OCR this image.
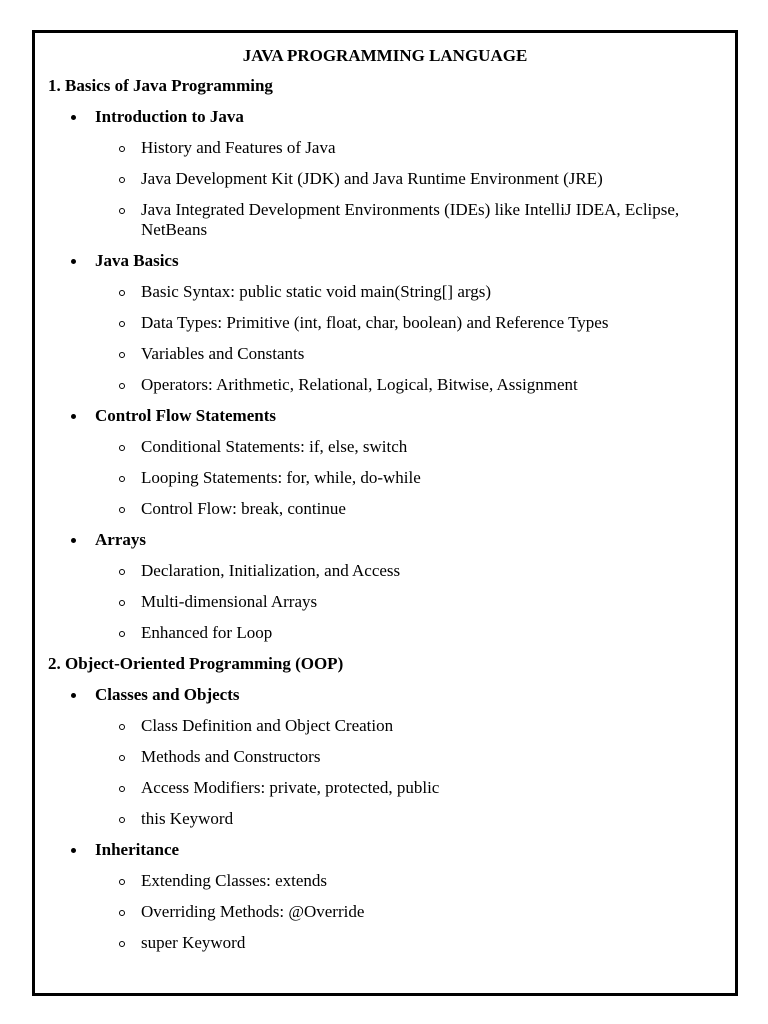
JAVA PROGRAMMING LANGUAGE
1. Basics of Java Programming
Introduction to Java
History and Features of Java
Java Development Kit (JDK) and Java Runtime Environment (JRE)
Java Integrated Development Environments (IDEs) like IntelliJ IDEA, Eclipse, NetBeans
Java Basics
Basic Syntax: public static void main(String[] args)
Data Types: Primitive (int, float, char, boolean) and Reference Types
Variables and Constants
Operators: Arithmetic, Relational, Logical, Bitwise, Assignment
Control Flow Statements
Conditional Statements: if, else, switch
Looping Statements: for, while, do-while
Control Flow: break, continue
Arrays
Declaration, Initialization, and Access
Multi-dimensional Arrays
Enhanced for Loop
2. Object-Oriented Programming (OOP)
Classes and Objects
Class Definition and Object Creation
Methods and Constructors
Access Modifiers: private, protected, public
this Keyword
Inheritance
Extending Classes: extends
Overriding Methods: @Override
super Keyword
